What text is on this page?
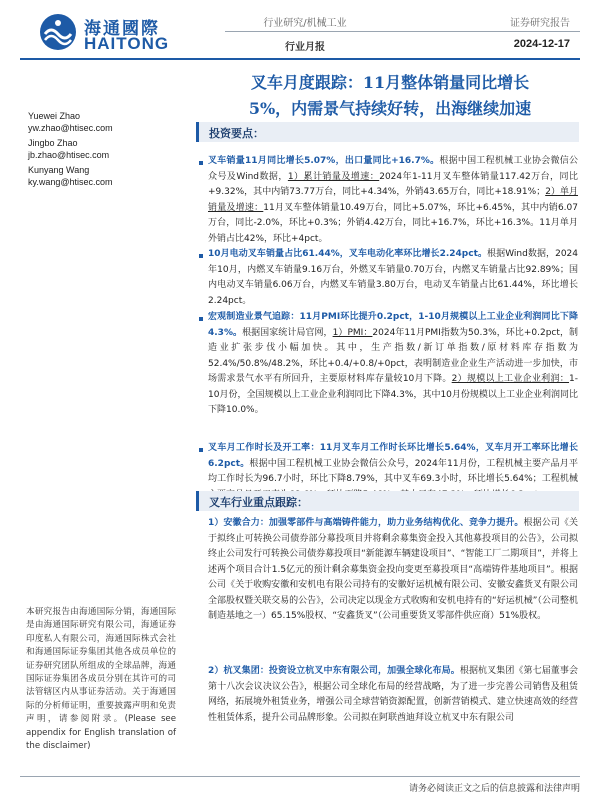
海通國際
HAITONG
行业研究/机械工业
行业月报
证券研究报告
2024-12-17
叉车月度跟踪：11月整体销量同比增长
5%，内需景气持续好转，出海继续加速
Yuewei Zhao
yw.zhao@htisec.com
Jingbo Zhao
jb.zhao@htisec.com
Kunyang Wang
ky.wang@htisec.com
投资要点：
叉车销量11月同比增长5.07%，出口量同比+16.7%。根据中国工程机械工业协会微信公众号及Wind数据，1）累计销量及增速：2024年1-11月叉车整体销量117.42万台，同比+9.32%，其中内销73.77万台，同比+4.34%，外销43.65万台，同比+18.91%；2）单月销量及增速：11月叉车整体销量10.49万台，同比+5.07%，环比+6.45%，其中内销6.07万台，同比-2.0%，环比+0.3%；外销4.42万台，同比+16.7%，环比+16.3%。11月单月外销占比42%，环比+4pct。
10月电动叉车销量占比61.44%，叉车电动化率环比增长2.24pct。根据Wind数据，2024年10月，内燃叉车销量9.16万台，外燃叉车销量0.70万台，内燃叉车销量占比92.89%；国内电动叉车销量6.06万台，内燃叉车销量3.80万台，电动叉车销量占比61.44%，环比增长2.24pct。
宏观制造业景气追踪：11月PMI环比提升0.2pct，1-10月规模以上工业企业利润同比下降4.3%。根据国家统计局官网，1）PMI：2024年11月PMI指数为50.3%，环比+0.2pct，制造业扩张步伐小幅加快。其中，生产指数/新订单指数/原材料库存指数为52.4%/50.8%/48.2%，环比+0.4/+0.8/+0pct，表明制造业企业生产活动进一步加快，市场需求景气水平有所回升，主要原材料库存量较10月下降。2）规模以上工业企业利润：1-10月份，全国规模以上工业企业利润同比下降4.3%，其中10月份规模以上工业企业利润同比下降10.0%。
叉车月工作时长及开工率：11月叉车月工作时长环比增长5.64%，叉车月开工率环比增长6.2pct。根据中国工程机械工业协会微信公众号，2024年11月份，工程机械主要产品月平均工作时长为96.7小时，环比下降8.79%，其中叉车69.3小时，环比增长5.64%；工程机械
叉车行业重点跟踪：
1）安徽合力：加强零部件与高端铸件能力，助力业务结构优化、竞争力提升。根据公司《关于拟终止可转换公司债券部分募投项目并将剩余募集资金投入其他募投项目的公告》，公司拟终止公司发行可转换公司债券募投项目“新能源车辆建设项目”、“智能工厂二期项目”，并将上述两个项目合计1.5亿元的预计剩余募集资金投向变更至募投项目“高端铸件基地项目”。根据公司《关于收购安徽和安机电有限公司持有的安徽好运机械有限公司、安徽安鑫货叉有限公司全部股权暨关联交易的公告》，公司决定以现金方式收购和安机电持有的“好运机械”（公司整机制造基地之一）65.15%股权、“安鑫货叉”（公司重要货叉零部件供应商）51%股权。
2）杭叉集团：投资设立杭叉中东有限公司，加强全球化布局。根据杭叉集团《第七届董事会第十八次会议决议公告》，根据公司全球化布局的经营战略，为了进一步完善公司销售及租赁网络，拓展境外租赁业务，增强公司全球营销资源配置，创新营销模式、建立快速高效的经营性租赁体系，提升公司品牌形象。公司拟在阿联酋迪拜设立杭叉中东有限公司
本研究报告由海通国际分销，海通国际是由海通国际研究有限公司，海通证券印度私人有限公司，海通国际株式会社和海通国际证券集团其他各成员单位的证券研究团队所组成的全球品牌，海通国际证券集团各成员分别在其许可的司法管辖区内从事证券活动。关于海通国际的分析师证明，重要披露声明和免责声明，请参阅附录。(Please see appendix for English translation of the disclaimer)
请务必阅读正文之后的信息披露和法律声明
